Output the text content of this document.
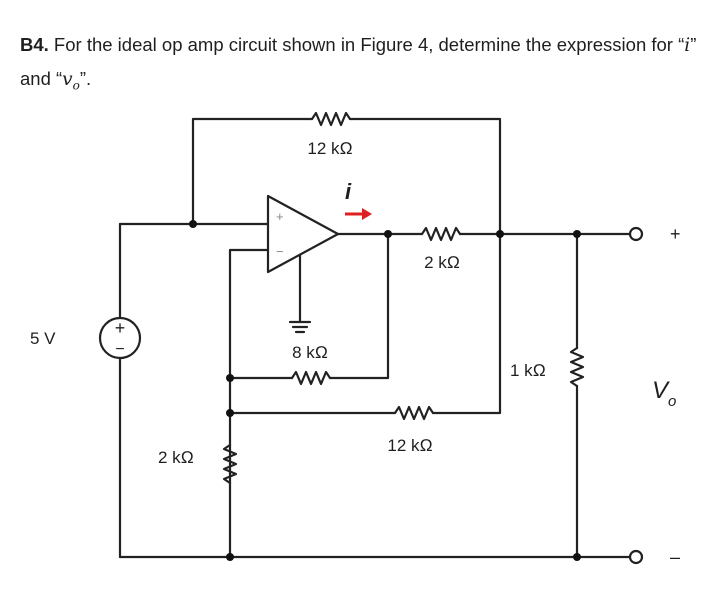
B4. For the ideal op amp circuit shown in Figure 4, determine the expression for “i”
and “$v_o$”.
12 kΩ
i
2 kΩ
5 V
+
−	8 kΩ
12 kΩ
2 kΩ
1 kΩ
$V_o$
+
–
+
−
